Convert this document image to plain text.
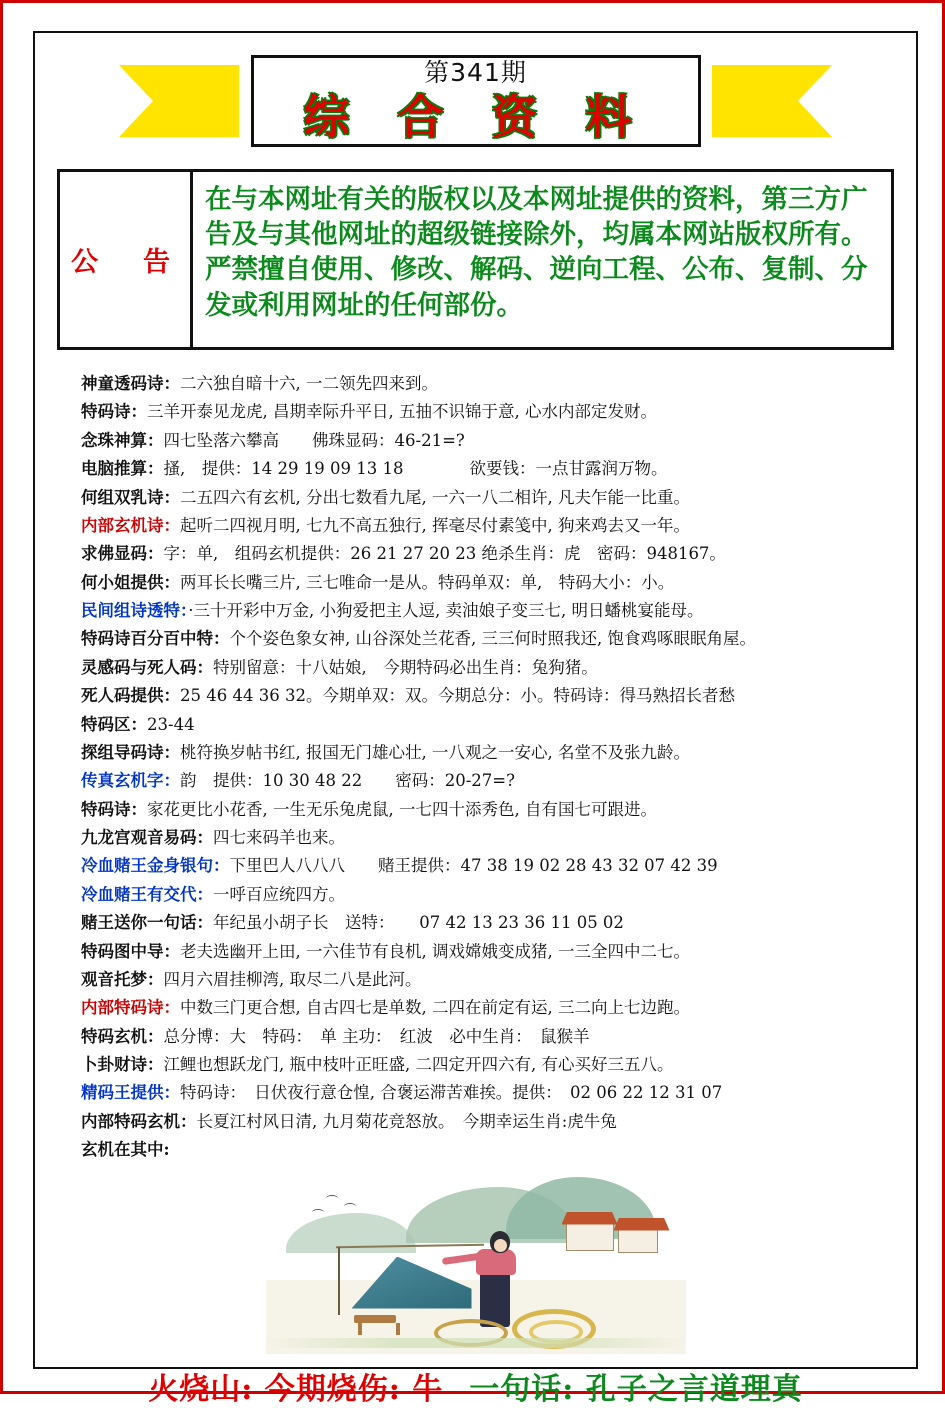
第341期
综 合 资 料
公　告
在与本网址有关的版权以及本网址提供的资料，第三方广告及与其他网址的超级链接除外，均属本网站版权所有。严禁擅自使用、修改、解码、逆向工程、公布、复制、分发或利用网址的任何部份。
神童透码诗：二六独自暗十六, 一二领先四来到。
特码诗：三羊开泰见龙虎, 昌期幸际升平日, 五抽不识锦于意, 心水内部定发财。
念珠神算：四七坠落六攀高　　佛珠显码：46-21=?
电脑推算：搔,　提供：14 29 19 09 13 18　　　　欲要钱：一点甘露润万物。
何组双乳诗：二五四六有玄机, 分出七数看九尾, 一六一八二相许, 凡夫乍能一比重。
内部玄机诗：起听二四视月明, 七九不高五独行, 挥毫尽付素笺中, 狗来鸡去又一年。
求佛显码：字：单,　组码玄机提供：26 21 27 20 23 绝杀生肖：虎　密码：948167。
何小姐提供：两耳长长嘴三片, 三七唯命一是从。特码单双：单,　特码大小：小。
民间组诗透特：·三十开彩中万金, 小狗爱把主人逗, 卖油娘子变三七, 明日蟠桃宴能母。
特码诗百分百中特：个个姿色象女神, 山谷深处兰花香, 三三何时照我还, 饱食鸡啄眼眠角屋。
灵感码与死人码：特别留意：十八姑娘,　今期特码必出生肖：兔狗猪。
死人码提供：25 46 44 36 32。今期单双：双。今期总分：小。特码诗：得马熟招长者愁
特码区：23-44
探组导码诗：桃符换岁帖书红, 报国无门雄心壮, 一八观之一安心, 名堂不及张九龄。
传真玄机字：韵　提供：10 30 48 22　　密码：20-27=?
特码诗：家花更比小花香, 一生无乐兔虎鼠, 一七四十添秀色, 自有国七可跟进。
九龙宫观音易码：四七来码羊也来。
冷血赌王金身银句：下里巴人八八八　　赌王提供：47 38 19 02 28 43 32 07 42 39
冷血赌王有交代：一呼百应统四方。
赌王送你一句话：年纪虽小胡子长　送特：　　07 42 13 23 36 11 05 02
特码图中导：老夫选幽开上田, 一六佳节有良机, 调戏嫦娥变成猪, 一三全四中二七。
观音托梦：四月六眉挂柳湾, 取尽二八是此河。
内部特码诗：中数三门更合想, 自古四七是单数, 二四在前定有运, 三二向上七边跑。
特码玄机：总分博：大　特码：　单 主功：　红波　必中生肖：　鼠猴羊
卜卦财诗：江鲤也想跃龙门, 瓶中枝叶正旺盛, 二四定开四六有, 有心买好三五八。
精码王提供：特码诗：　日伏夜行意仓惶, 合褒运滞苦难挨。提供：　02 06 22 12 31 07
内部特码玄机：长夏江村风日清, 九月菊花竞怒放。　今期幸运生肖:虎牛兔
玄机在其中:
火烧山: 今期烧伤: 牛 一句话: 孔子之言道理真
